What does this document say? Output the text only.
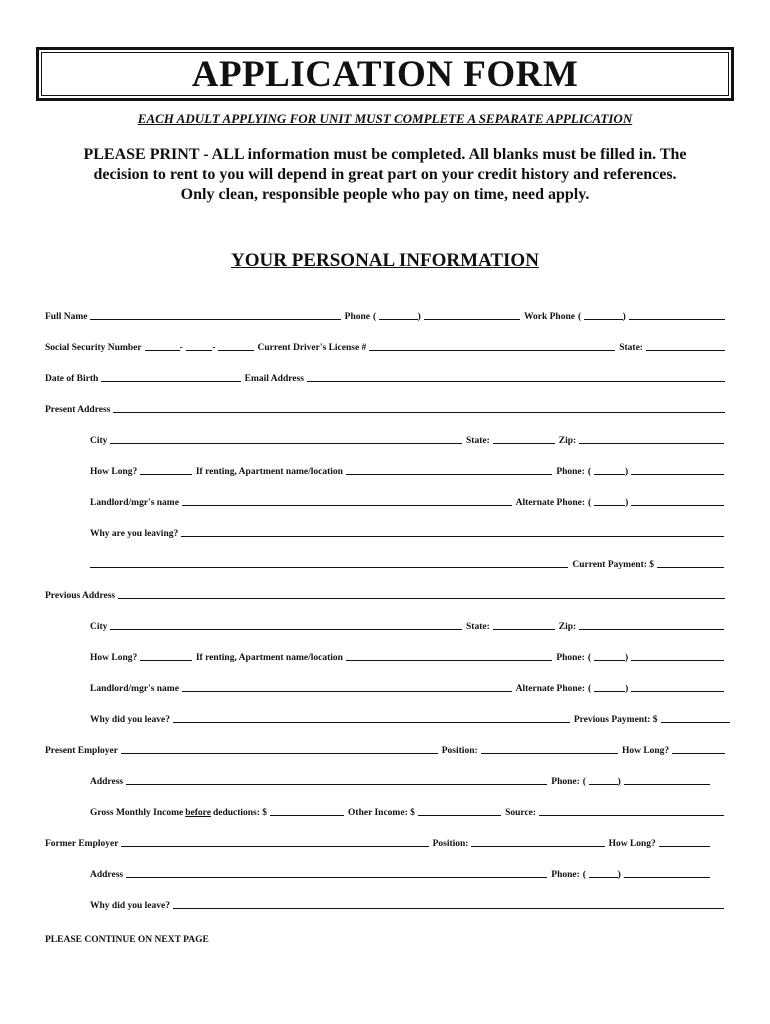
APPLICATION FORM
EACH ADULT APPLYING FOR UNIT MUST COMPLETE A SEPARATE APPLICATION
PLEASE PRINT - ALL information must be completed. All blanks must be filled in. The
decision to rent to you will depend in great part on your credit history and references.
Only clean, responsible people who pay on time, need apply.
YOUR PERSONAL INFORMATION
Full Name	Phone (	)	Work Phone (	)
Social Security Number	-	-	Current Driver's License #	State:
Date of Birth	Email Address
Present Address
City	State:	Zip:
How Long?	If renting, Apartment name/location	Phone: (	)
Landlord/mgr's name	Alternate Phone: (	)
Why are you leaving?
Current Payment: $
Previous Address
City	State:	Zip:
How Long?	If renting, Apartment name/location	Phone: (	)
Landlord/mgr's name	Alternate Phone: (	)
Why did you leave?	Previous Payment: $
Present Employer	Position:	How Long?
Address	Phone: (	)
Gross Monthly Income before deductions: $	Other Income: $	Source:
Former Employer	Position:	How Long?
Address	Phone: (	)
Why did you leave?
PLEASE CONTINUE ON NEXT PAGE
